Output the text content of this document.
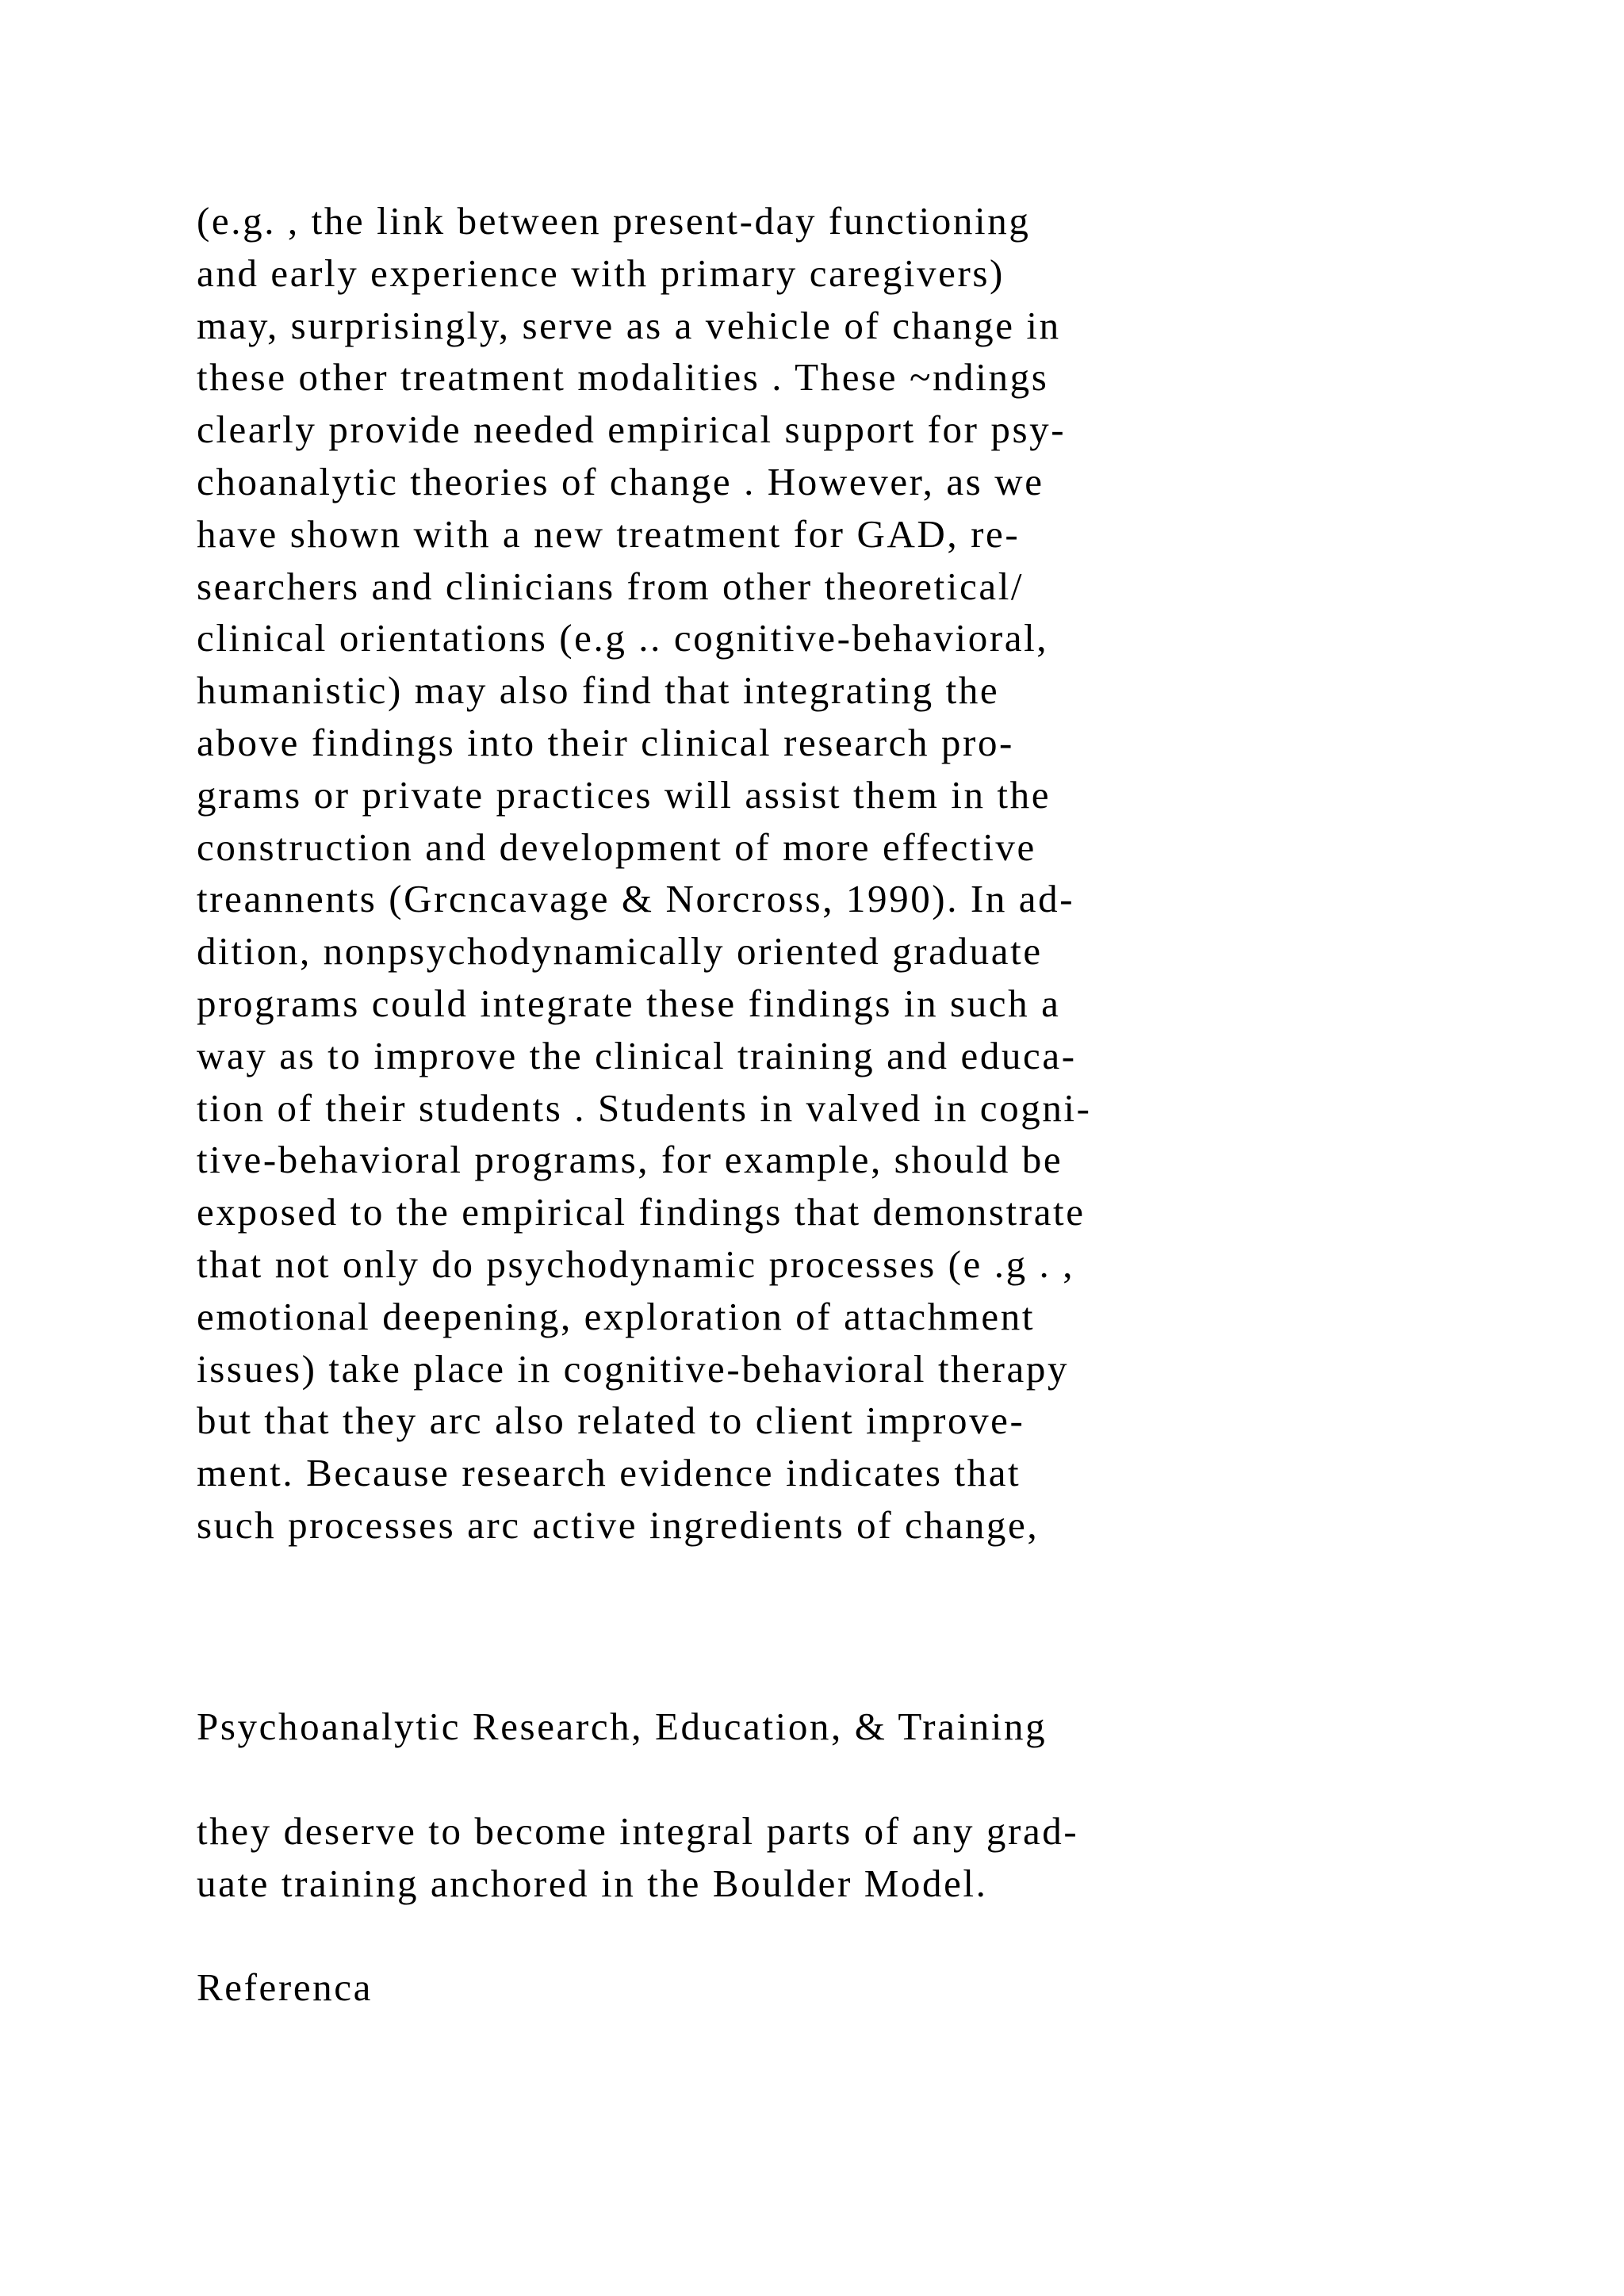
(e.g. , the link between present-day functioning
and early experience with primary caregivers)
may, surprisingly, serve as a vehicle of change in
these other treatment modalities . These ~ndings
clearly provide needed empirical support for psy-
choanalytic theories of change . However, as we
have shown with a new treatment for GAD, re-
searchers and clinicians from other theoretical/
clinical orientations (e.g .. cognitive-behavioral,
humanistic) may also find that integrating the
above findings into their clinical research pro-
grams or private practices will assist them in the
construction and development of more effective
treannents (Grcncavage & Norcross, 1990). In ad-
dition, nonpsychodynamically oriented graduate
programs could integrate these findings in such a
way as to improve the clinical training and educa-
tion of their students . Students in valved in cogni-
tive-behavioral programs, for example, should be
exposed to the empirical findings that demonstrate
that not only do psychodynamic processes (e .g . ,
emotional deepening, exploration of attachment
issues) take place in cognitive-behavioral therapy
but that they arc also related to client improve-
ment. Because research evidence indicates that
such processes arc active ingredients of change,
Psychoanalytic Research, Education, & Training
they deserve to become integral parts of any grad-
uate training anchored in the Boulder Model.
Referenca
